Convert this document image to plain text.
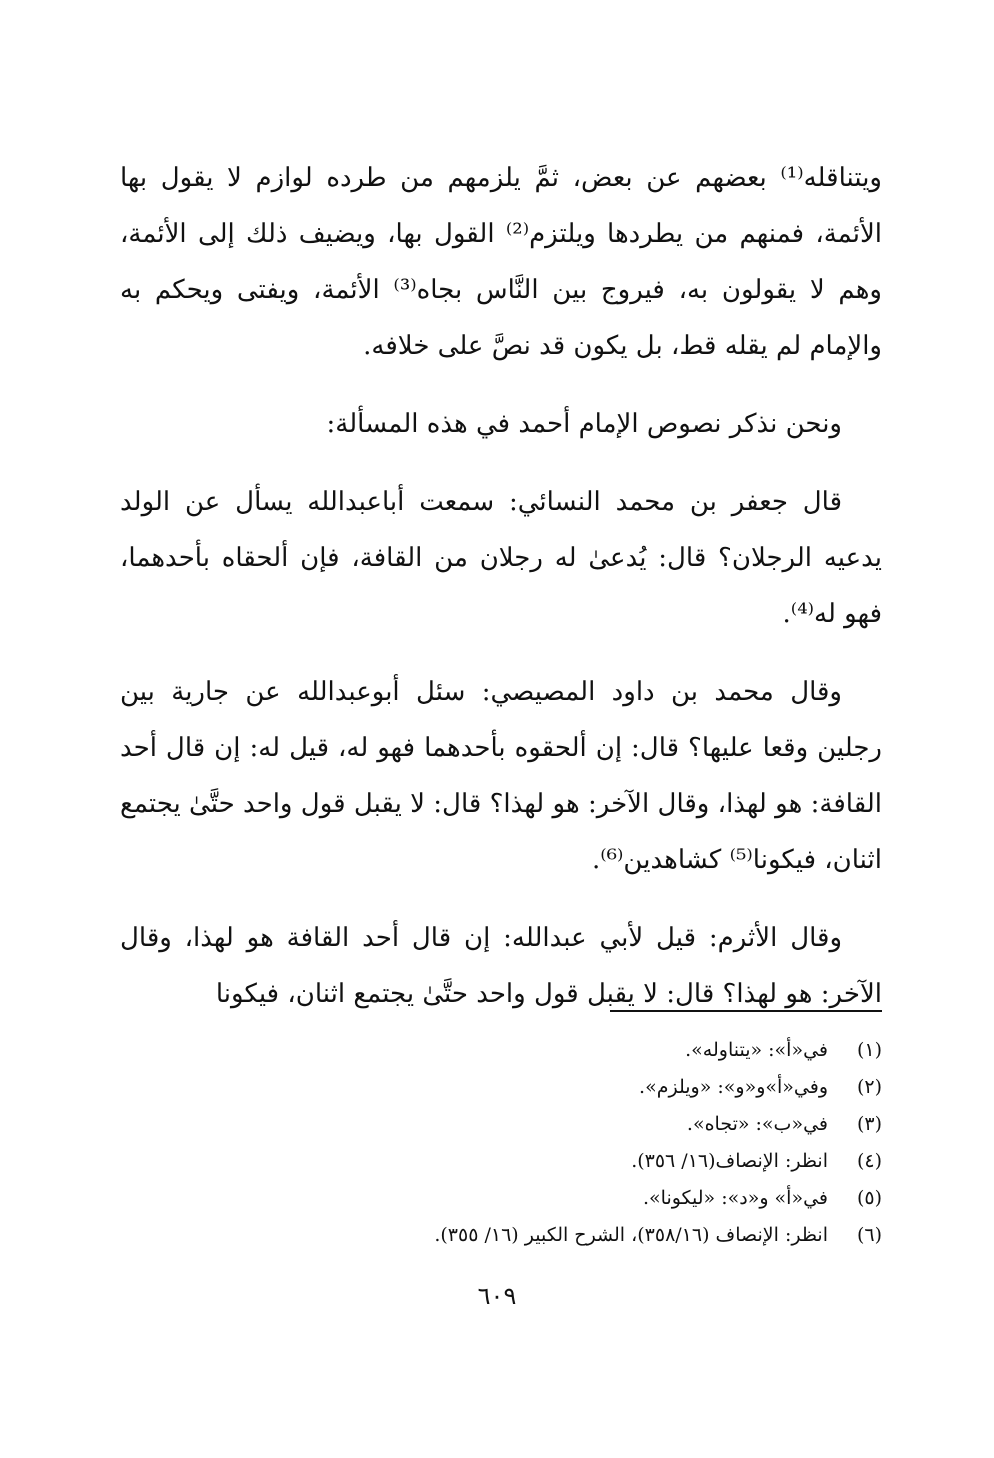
ويتناقله⁽¹⁾ بعضهم عن بعض، ثمَّ يلزمهم من طرده لوازم لا يقول بها الأئمة، فمنهم من يطردها ويلتزم⁽²⁾ القول بها، ويضيف ذلك إلى الأئمة، وهم لا يقولون به، فيروج بين النَّاس بجاه⁽³⁾ الأئمة، ويفتى ويحكم به والإمام لم يقله قط، بل يكون قد نصَّ على خلافه.

ونحن نذكر نصوص الإمام أحمد في هذه المسألة:

قال جعفر بن محمد النسائي: سمعت أباعبدالله يسأل عن الولد يدعيه الرجلان؟ قال: يُدعىٰ له رجلان من القافة، فإن ألحقاه بأحدهما، فهو له⁽⁴⁾.

وقال محمد بن داود المصيصي: سئل أبوعبدالله عن جارية بين رجلين وقعا عليها؟ قال: إن ألحقوه بأحدهما فهو له، قيل له: إن قال أحد القافة: هو لهذا، وقال الآخر: هو لهذا؟ قال: لا يقبل قول واحد حتَّىٰ يجتمع اثنان، فيكونا⁽⁵⁾ كشاهدين⁽⁶⁾.

وقال الأثرم: قيل لأبي عبدالله: إن قال أحد القافة هو لهذا، وقال الآخر: هو لهذا؟ قال: لا يقبل قول واحد حتَّىٰ يجتمع اثنان، فيكونا

(١)
في«أ»: «يتناوله».
(٢)
وفي«أ»و«و»: «ويلزم».
(٣)
في«ب»: «تجاه».
(٤)
انظر: الإنصاف(١٦/ ٣٥٦).
(٥)
في«أ» و«د»: «ليكونا».
(٦)
انظر: الإنصاف (٣٥٨/١٦)، الشرح الكبير (١٦/ ٣٥٥).
٦٠٩
